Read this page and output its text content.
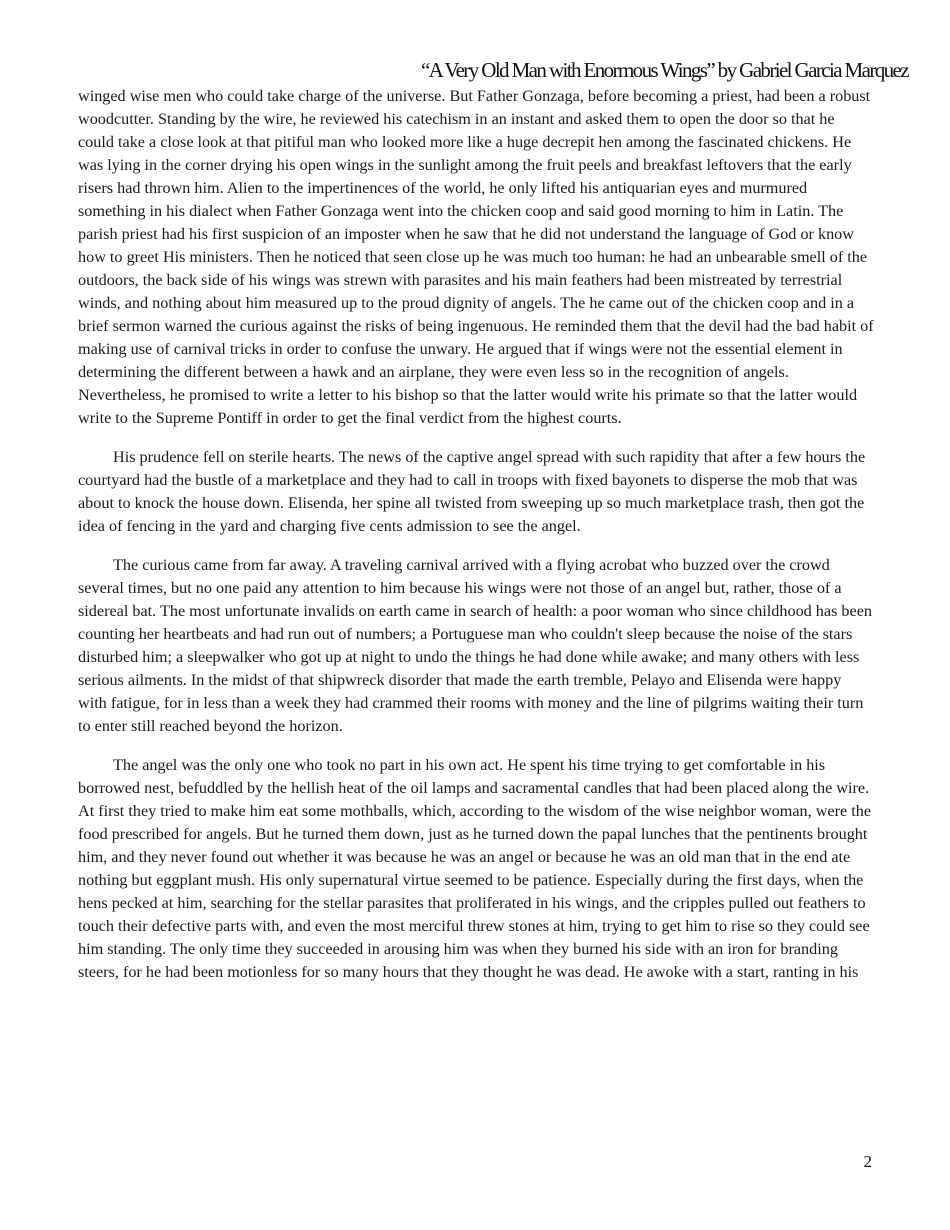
“A Very Old Man with Enormous Wings” by Gabriel Garcia Marquez

winged wise men who could take charge of the universe. But Father Gonzaga, before becoming a priest, had been a robust woodcutter. Standing by the wire, he reviewed his catechism in an instant and asked them to open the door so that he could take a close look at that pitiful man who looked more like a huge decrepit hen among the fascinated chickens. He was lying in the corner drying his open wings in the sunlight among the fruit peels and breakfast leftovers that the early risers had thrown him. Alien to the impertinences of the world, he only lifted his antiquarian eyes and murmured something in his dialect when Father Gonzaga went into the chicken coop and said good morning to him in Latin. The parish priest had his first suspicion of an imposter when he saw that he did not understand the language of God or know how to greet His ministers. Then he noticed that seen close up he was much too human: he had an unbearable smell of the outdoors, the back side of his wings was strewn with parasites and his main feathers had been mistreated by terrestrial winds, and nothing about him measured up to the proud dignity of angels. The he came out of the chicken coop and in a brief sermon warned the curious against the risks of being ingenuous. He reminded them that the devil had the bad habit of making use of carnival tricks in order to confuse the unwary. He argued that if wings were not the essential element in determining the different between a hawk and an airplane, they were even less so in the recognition of angels. Nevertheless, he promised to write a letter to his bishop so that the latter would write his primate so that the latter would write to the Supreme Pontiff in order to get the final verdict from the highest courts.

His prudence fell on sterile hearts. The news of the captive angel spread with such rapidity that after a few hours the courtyard had the bustle of a marketplace and they had to call in troops with fixed bayonets to disperse the mob that was about to knock the house down. Elisenda, her spine all twisted from sweeping up so much marketplace trash, then got the idea of fencing in the yard and charging five cents admission to see the angel.

The curious came from far away. A traveling carnival arrived with a flying acrobat who buzzed over the crowd several times, but no one paid any attention to him because his wings were not those of an angel but, rather, those of a sidereal bat. The most unfortunate invalids on earth came in search of health: a poor woman who since childhood has been counting her heartbeats and had run out of numbers; a Portuguese man who couldn't sleep because the noise of the stars disturbed him; a sleepwalker who got up at night to undo the things he had done while awake; and many others with less serious ailments. In the midst of that shipwreck disorder that made the earth tremble, Pelayo and Elisenda were happy with fatigue, for in less than a week they had crammed their rooms with money and the line of pilgrims waiting their turn to enter still reached beyond the horizon.

The angel was the only one who took no part in his own act. He spent his time trying to get comfortable in his borrowed nest, befuddled by the hellish heat of the oil lamps and sacramental candles that had been placed along the wire. At first they tried to make him eat some mothballs, which, according to the wisdom of the wise neighbor woman, were the food prescribed for angels. But he turned them down, just as he turned down the papal lunches that the pentinents brought him, and they never found out whether it was because he was an angel or because he was an old man that in the end ate nothing but eggplant mush. His only supernatural virtue seemed to be patience. Especially during the first days, when the hens pecked at him, searching for the stellar parasites that proliferated in his wings, and the cripples pulled out feathers to touch their defective parts with, and even the most merciful threw stones at him, trying to get him to rise so they could see him standing. The only time they succeeded in arousing him was when they burned his side with an iron for branding steers, for he had been motionless for so many hours that they thought he was dead. He awoke with a start, ranting in his

2
